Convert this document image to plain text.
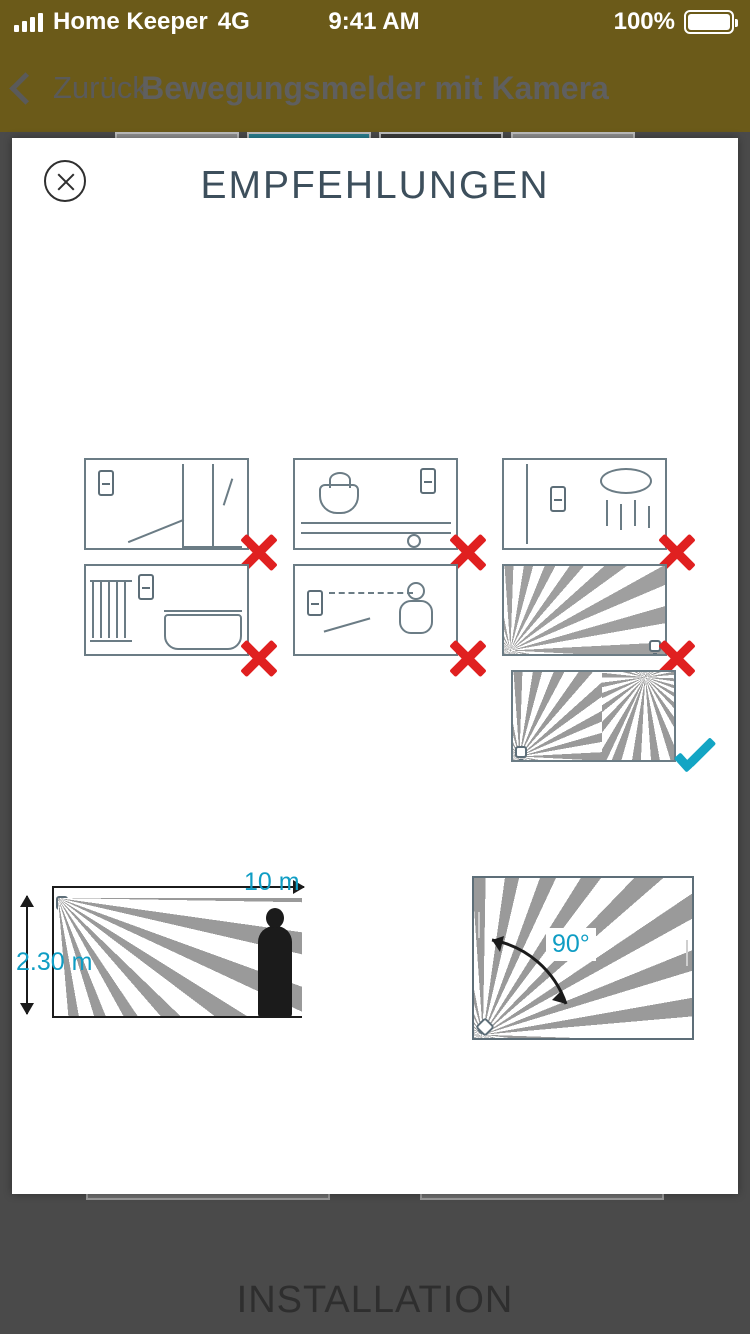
Home Keeper 4G	9:41 AM	100%
Zurück
Bewegungsmelder mit Kamera
INSTALLATION
EMPFEHLUNGEN
10 m
2.30 m
90°
